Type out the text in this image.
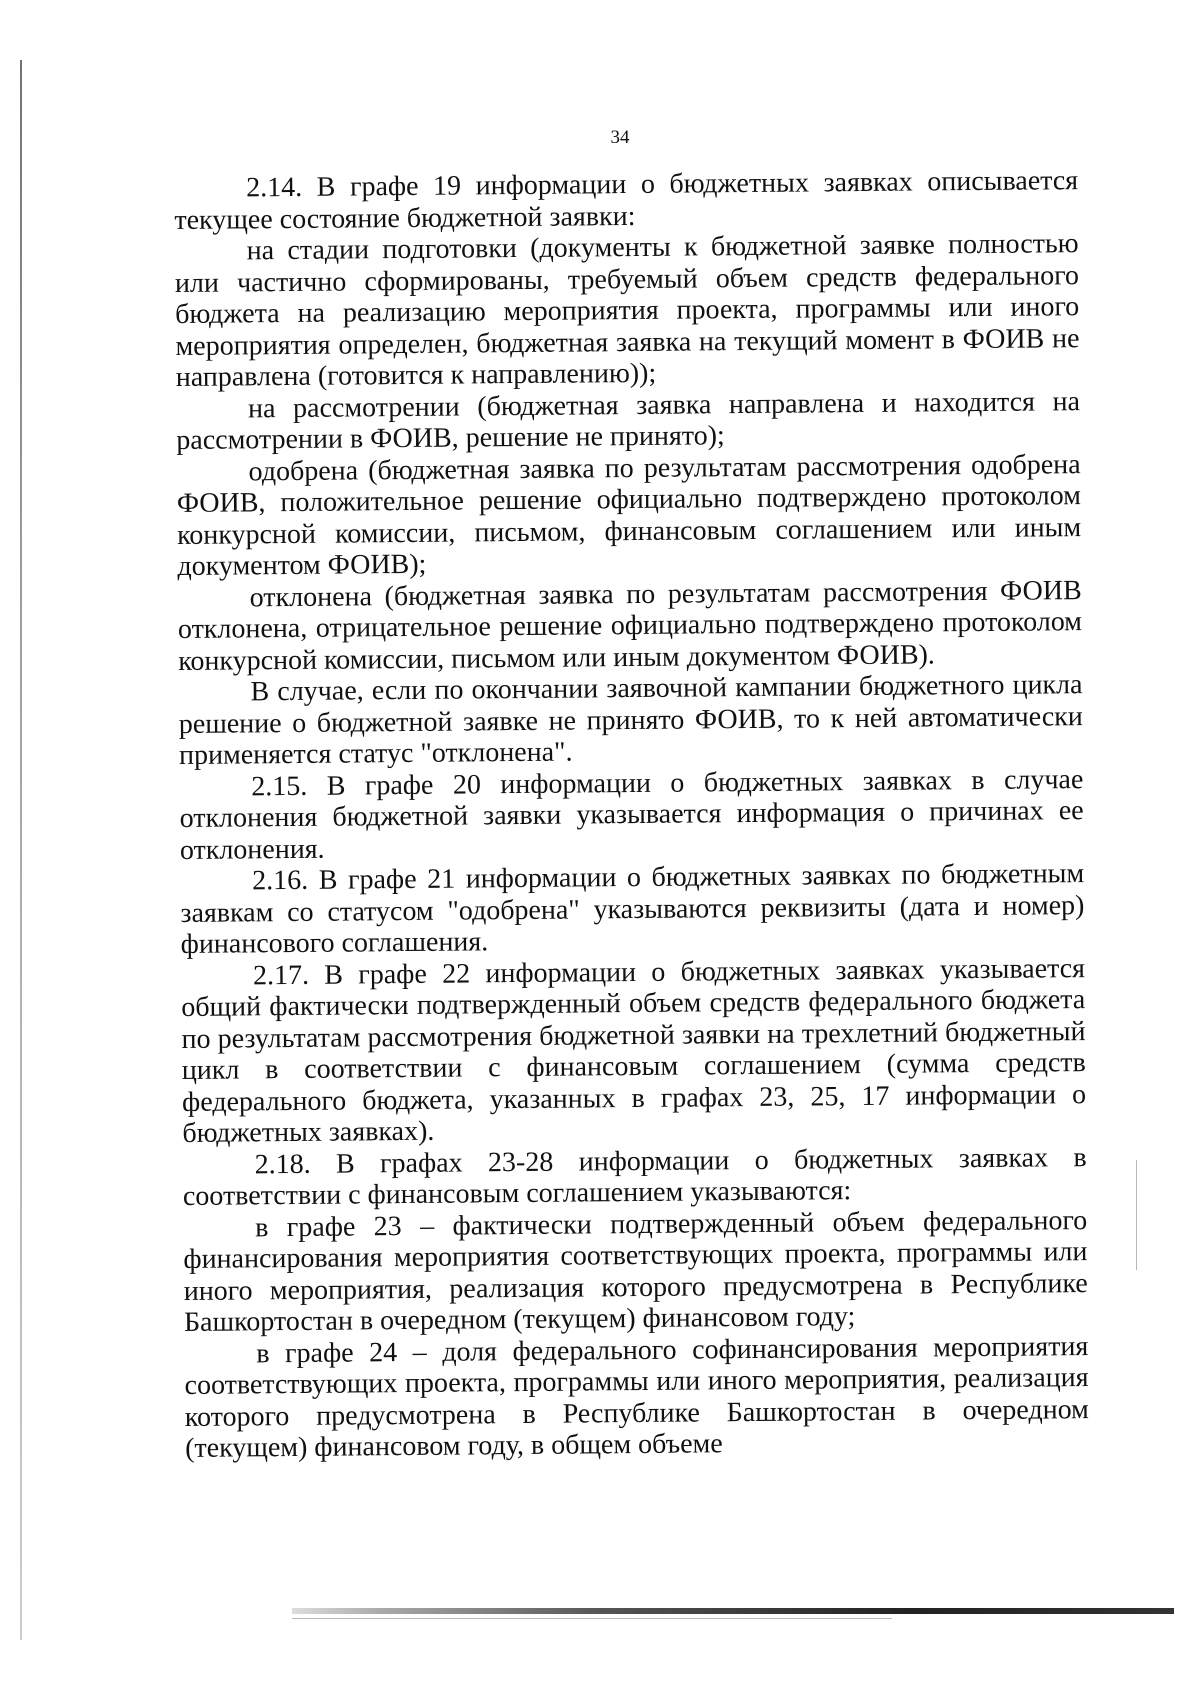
34

2.14. В графе 19 информации о бюджетных заявках описывается текущее состояние бюджетной заявки:

на стадии подготовки (документы к бюджетной заявке полностью или частично сформированы, требуемый объем средств федерального бюджета на реализацию мероприятия проекта, программы или иного мероприятия определен, бюджетная заявка на текущий момент в ФОИВ не направлена (готовится к направлению));

на рассмотрении (бюджетная заявка направлена и находится на рассмотрении в ФОИВ, решение не принято);

одобрена (бюджетная заявка по результатам рассмотрения одобрена ФОИВ, положительное решение официально подтверждено протоколом конкурсной комиссии, письмом, финансовым соглашением или иным документом ФОИВ);

отклонена (бюджетная заявка по результатам рассмотрения ФОИВ отклонена, отрицательное решение официально подтверждено протоколом конкурсной комиссии, письмом или иным документом ФОИВ).

В случае, если по окончании заявочной кампании бюджетного цикла решение о бюджетной заявке не принято ФОИВ, то к ней автоматически применяется статус "отклонена".

2.15. В графе 20 информации о бюджетных заявках в случае отклонения бюджетной заявки указывается информация о причинах ее отклонения.

2.16. В графе 21 информации о бюджетных заявках по бюджетным заявкам со статусом "одобрена" указываются реквизиты (дата и номер) финансового соглашения.

2.17. В графе 22 информации о бюджетных заявках указывается общий фактически подтвержденный объем средств федерального бюджета по результатам рассмотрения бюджетной заявки на трехлетний бюджетный цикл в соответствии с финансовым соглашением (сумма средств федерального бюджета, указанных в графах 23, 25, 17 информации о бюджетных заявках).

2.18. В графах 23-28 информации о бюджетных заявках в соответствии с финансовым соглашением указываются:

в графе 23 – фактически подтвержденный объем федерального финансирования мероприятия соответствующих проекта, программы или иного мероприятия, реализация которого предусмотрена в Республике Башкортостан в очередном (текущем) финансовом году;

в графе 24 – доля федерального софинансирования мероприятия соответствующих проекта, программы или иного мероприятия, реализация которого предусмотрена в Республике Башкортостан в очередном (текущем) финансовом году, в общем объеме
